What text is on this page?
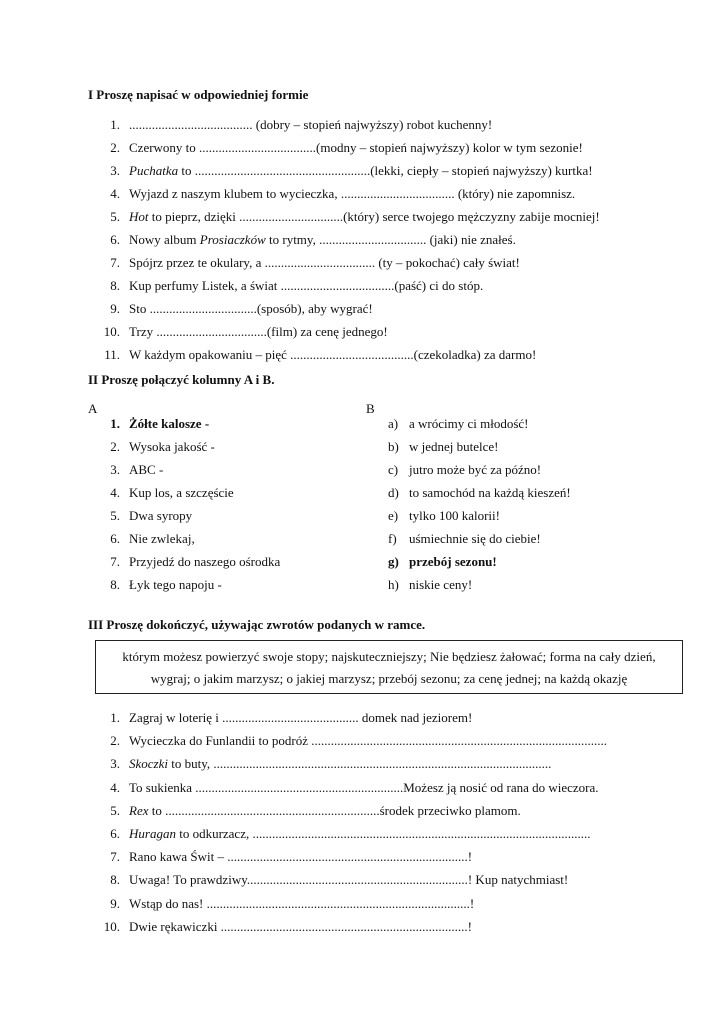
I Proszę napisać w odpowiedniej formie
1. ...................................... (dobry – stopień najwyższy) robot kuchenny!
2. Czerwony to ....................................(modny – stopień najwyższy) kolor w tym sezonie!
3. Puchatka to ......................................................(lekki, ciepły – stopień najwyższy) kurtka!
4. Wyjazd z naszym klubem to wycieczka, ................................... (który) nie zapomnisz.
5. Hot to pieprz, dzięki ................................(który) serce twojego mężczyzny zabije mocniej!
6. Nowy album Prosiaczków to rytmy, ................................. (jaki) nie znałeś.
7. Spójrz przez te okulary, a .................................. (ty – pokochać) cały świat!
8. Kup perfumy Listek, a świat ...................................(paść) ci do stóp.
9. Sto .................................(sposób), aby wygrać!
10. Trzy ..................................(film) za cenę jednego!
11. W każdym opakowaniu – pięć ......................................(czekoladka) za darmo!
II Proszę połączyć kolumny A i B.
A	B
1. Żółte kalosze -
2. Wysoka jakość -
3. ABC -
4. Kup los, a szczęście
5. Dwa syropy
6. Nie zwlekaj,
7. Przyjedź do naszego ośrodka
8. Łyk tego napoju -
a) a wrócimy ci młodość!
b) w jednej butelce!
c) jutro może być za późno!
d) to samochód na każdą kieszeń!
e) tylko 100 kalorii!
f) uśmiechnie się do ciebie!
g) przebój sezonu!
h) niskie ceny!
III Proszę dokończyć, używając zwrotów podanych w ramce.
którym możesz powierzyć swoje stopy; najskuteczniejszy; Nie będziesz żałować; forma na cały dzień,
wygraj; o jakim marzysz; o jakiej marzysz; przebój sezonu; za cenę jednej; na każdą okazję
1. Zagraj w loterię i .......................................... domek nad jeziorem!
2. Wycieczka do Funlandii to podróż ...........................................................................................
3. Skoczki to buty, ........................................................................................................
4. To sukienka ................................................................Możesz ją nosić od rana do wieczora.
5. Rex to ..................................................................środek przeciwko plamom.
6. Huragan to odkurzacz, ........................................................................................................
7. Rano kawa Świt – ..........................................................................!
8. Uwaga! To prawdziwy....................................................................! Kup natychmiast!
9. Wstąp do nas! .................................................................................!
10. Dwie rękawiczki ............................................................................!
